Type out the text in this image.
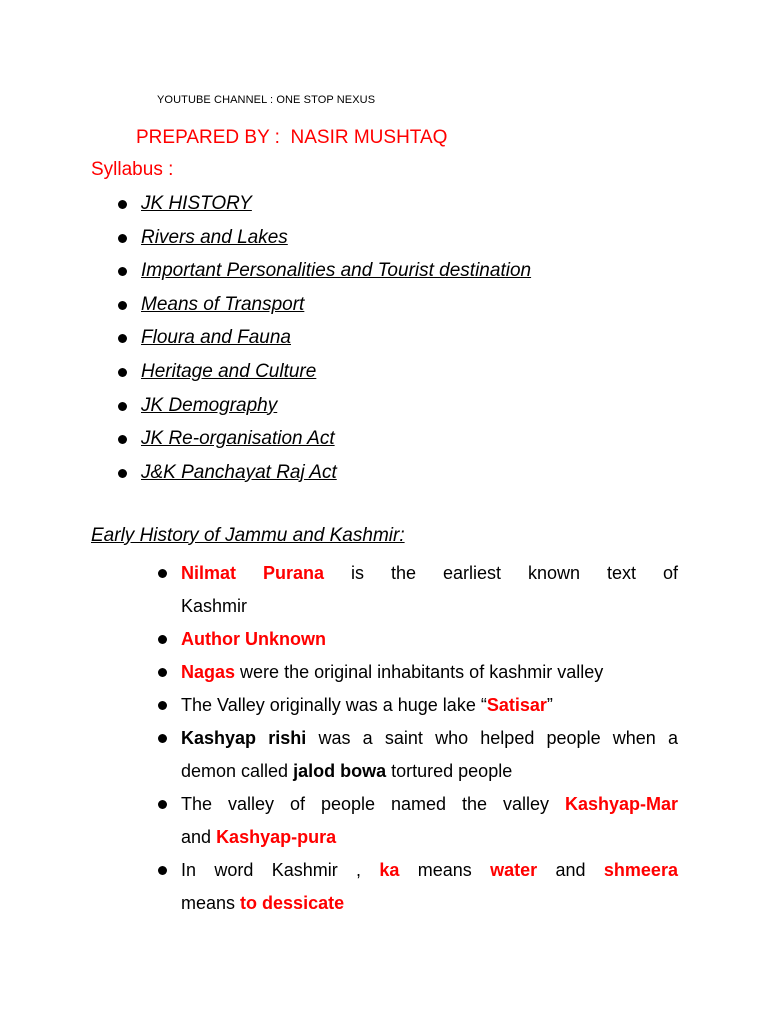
YOUTUBE CHANNEL : ONE STOP NEXUS
PREPARED BY :  NASIR MUSHTAQ
Syllabus :
JK HISTORY
Rivers and Lakes
Important Personalities and Tourist destination
Means of Transport
Floura and Fauna
Heritage and Culture
JK Demography
JK Re-organisation Act
J&K Panchayat Raj Act
Early History of Jammu and Kashmir:
Nilmat Purana is the earliest known text of
Kashmir
Author Unknown
Nagas were the original inhabitants of kashmir valley
The Valley originally was a huge lake “Satisar”
Kashyap rishi was a saint who helped people when a
demon called jalod bowa tortured people
The valley of people named the valley Kashyap-Mar
and Kashyap-pura
In word Kashmir , ka means water and shmeera
means to dessicate
